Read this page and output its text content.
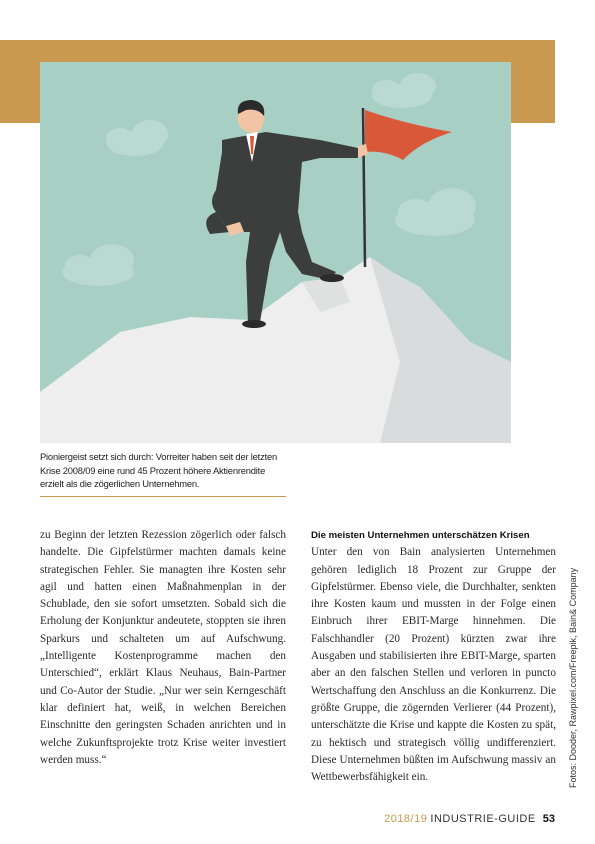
Pioniergeist setzt sich durch: Vorreiter haben seit der letzten Krise 2008/09 eine rund 45 Prozent höhere Aktienrendite erzielt als die zögerlichen Unternehmen.

zu Beginn der letzten Rezession zögerlich oder falsch handelte. Die Gipfelstürmer machten damals keine strategischen Fehler. Sie managten ihre Kosten sehr agil und hatten einen Maßnahmenplan in der Schublade, den sie sofort umsetzten. Sobald sich die Erholung der Konjunktur andeutete, stoppten sie ihren Sparkurs und schalteten um auf Aufschwung. „Intelligente Kostenprogramme machen den Unterschied“, erklärt Klaus Neuhaus, Bain-Partner und Co-Autor der Studie. „Nur wer sein Kerngeschäft klar definiert hat, weiß, in welchen Bereichen Einschnitte den geringsten Schaden anrichten und in welche Zukunftsprojekte trotz Krise weiter investiert werden muss.“

Die meisten Unternehmen unterschätzen Krisen

Unter den von Bain analysierten Unternehmen gehören lediglich 18 Prozent zur Gruppe der Gipfelstürmer. Ebenso viele, die Durchhalter, senkten ihre Kosten kaum und mussten in der Folge einen Einbruch ihrer EBIT-Marge hinnehmen. Die Falschhandler (20 Prozent) kürzten zwar ihre Ausgaben und stabilisierten ihre EBIT-Marge, sparten aber an den falschen Stellen und verloren in puncto Wertschaffung den Anschluss an die Konkurrenz. Die größte Gruppe, die zögernden Verlierer (44 Prozent), unterschätzte die Krise und kappte die Kosten zu spät, zu hektisch und strategisch völlig undifferenziert. Diese Unternehmen büßten im Aufschwung massiv an Wettbewerbsfähigkeit ein.	Fotos: Dooder, Rawpixel.com/Freepik, Bain& Company
2018/19 INDUSTRIE-GUIDE 53
